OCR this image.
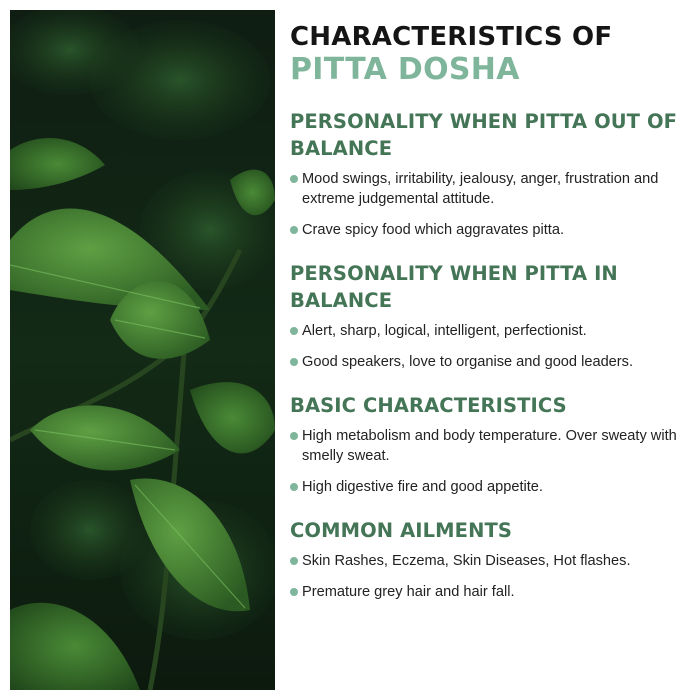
CHARACTERISTICS OF
PITTA DOSHA
PERSONALITY WHEN PITTA OUT OF BALANCE
Mood swings, irritability, jealousy, anger, frustration and extreme judgemental attitude.
Crave spicy food which aggravates pitta.
PERSONALITY WHEN PITTA IN BALANCE
Alert, sharp, logical, intelligent, perfectionist.
Good speakers, love to organise and good leaders.
BASIC CHARACTERISTICS
High metabolism and body temperature. Over sweaty with smelly sweat.
High digestive fire and good appetite.
COMMON AILMENTS
Skin Rashes, Eczema, Skin Diseases, Hot flashes.
Premature grey hair and hair fall.
